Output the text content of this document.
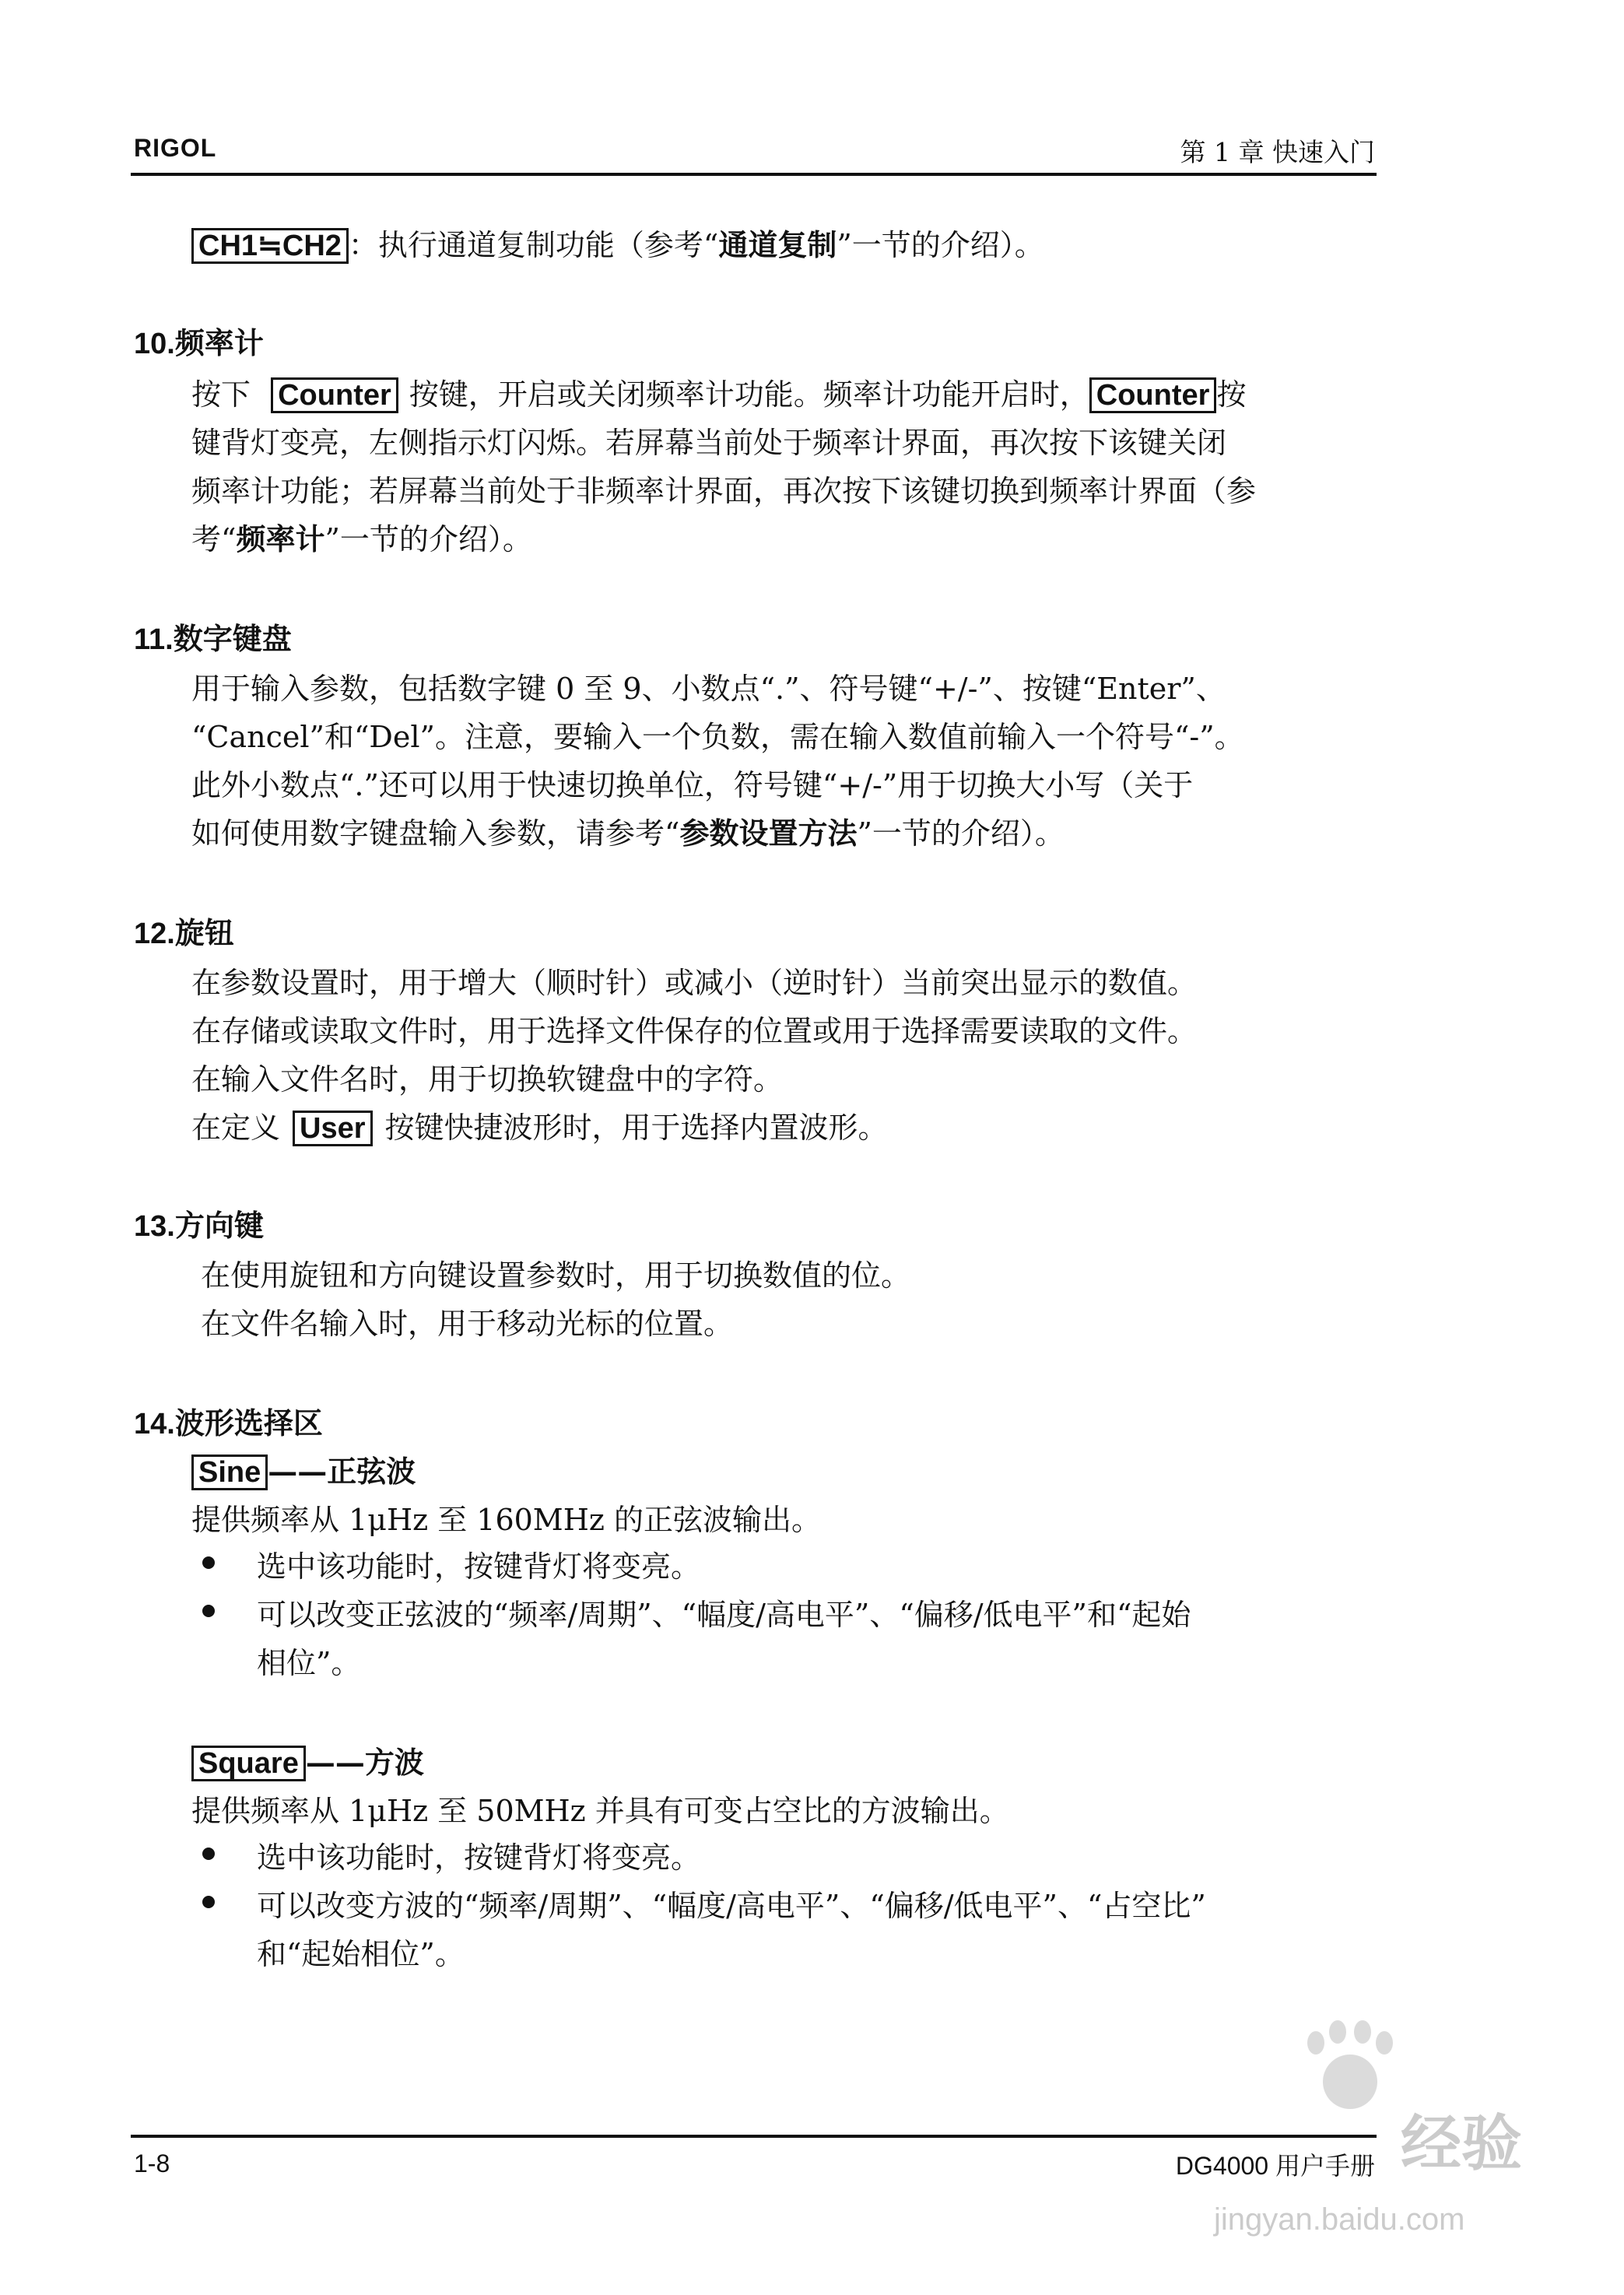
RIGOL	第 1 章 快速入门
CH1≒CH2 ：执行通道复制功能（参考“通道复制”一节的介绍）。
10.频率计
按下 Counter 按键，开启或关闭频率计功能。频率计功能开启时， Counter 按
键背灯变亮，左侧指示灯闪烁。若屏幕当前处于频率计界面，再次按下该键关闭
频率计功能；若屏幕当前处于非频率计界面，再次按下该键切换到频率计界面（参
考“频率计”一节的介绍）。
11.数字键盘
用于输入参数，包括数字键 0 至 9、小数点“.”、符号键“+/-”、按键“Enter”、
“Cancel”和“Del”。注意，要输入一个负数，需在输入数值前输入一个符号“-”。
此外小数点“.”还可以用于快速切换单位，符号键“+/-”用于切换大小写（关于
如何使用数字键盘输入参数，请参考“参数设置方法”一节的介绍）。
12.旋钮
在参数设置时，用于增大（顺时针）或减小（逆时针）当前突出显示的数值。
在存储或读取文件时，用于选择文件保存的位置或用于选择需要读取的文件。
在输入文件名时，用于切换软键盘中的字符。
在定义 User 按键快捷波形时，用于选择内置波形。
13.方向键
在使用旋钮和方向键设置参数时，用于切换数值的位。
在文件名输入时，用于移动光标的位置。
14.波形选择区
Sine ——正弦波
提供频率从 1μHz 至 160MHz 的正弦波输出。
选中该功能时，按键背灯将变亮。
可以改变正弦波的“频率/周期”、“幅度/高电平”、“偏移/低电平”和“起始
相位”。
Square ——方波
提供频率从 1μHz 至 50MHz 并具有可变占空比的方波输出。
选中该功能时，按键背灯将变亮。
可以改变方波的“频率/周期”、“幅度/高电平”、“偏移/低电平”、“占空比”
和“起始相位”。
经验
jingyan.baidu.com
1-8	DG4000 用户手册
